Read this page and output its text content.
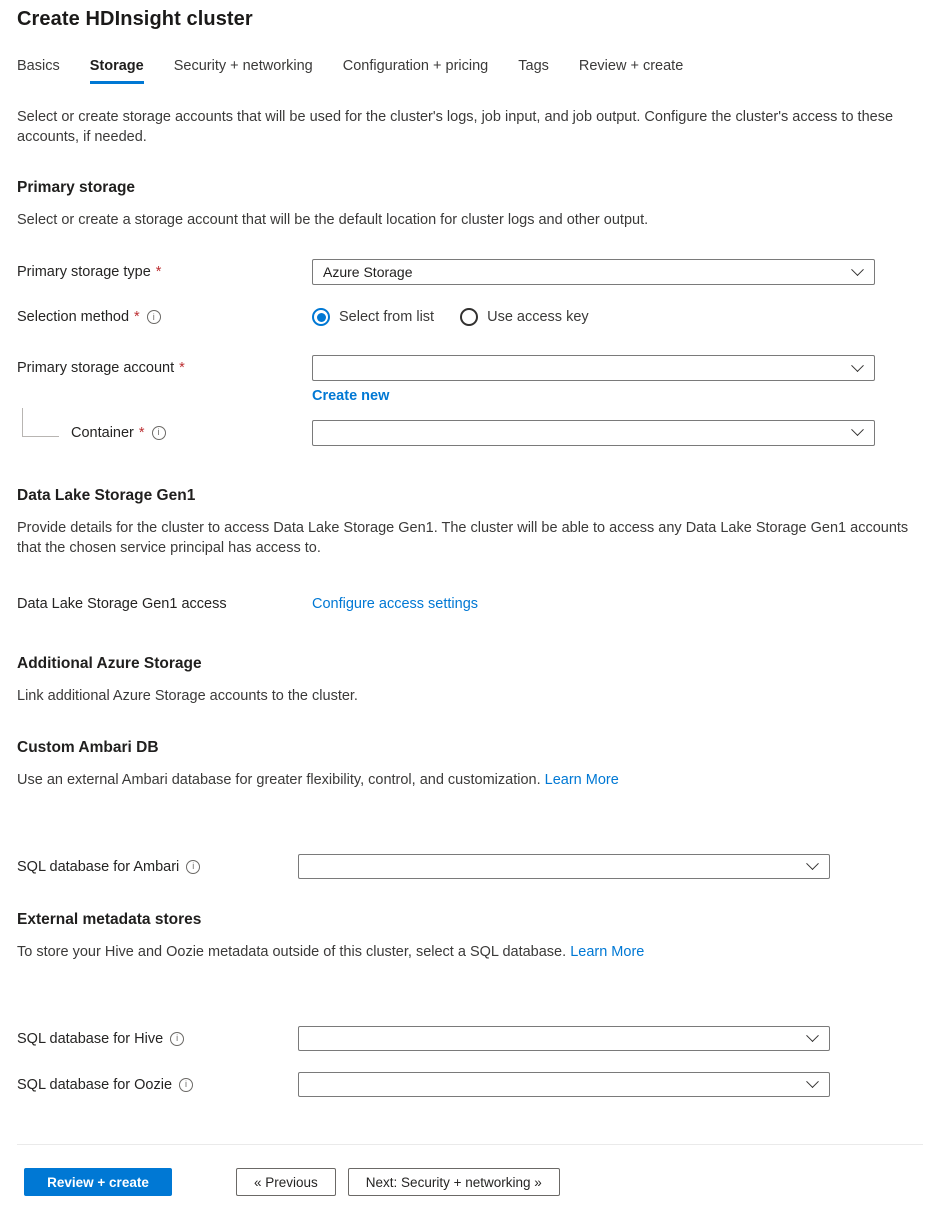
Create HDInsight cluster
Basics Storage Security + networking Configuration + pricing Tags Review + create

Select or create storage accounts that will be used for the cluster's logs, job input, and job output. Configure the cluster's access to these accounts, if needed.

Primary storage

Select or create a storage account that will be the default location for cluster logs and other output.

Primary storage type *	Azure Storage
Selection method * i	Select from list	Use access key
Primary storage account *
Create new
Container *
i
Data Lake Storage Gen1

Provide details for the cluster to access Data Lake Storage Gen1. The cluster will be able to access any Data Lake Storage Gen1 accounts that the chosen service principal has access to.

Data Lake Storage Gen1 access	Configure access settings
Additional Azure Storage

Link additional Azure Storage accounts to the cluster.

Custom Ambari DB

Use an external Ambari database for greater flexibility, control, and customization. Learn More

SQL database for Ambari
i
External metadata stores

To store your Hive and Oozie metadata outside of this cluster, select a SQL database. Learn More

SQL database for Hive
i
SQL database for Oozie
i
Review + create	« Previous	Next: Security + networking »
